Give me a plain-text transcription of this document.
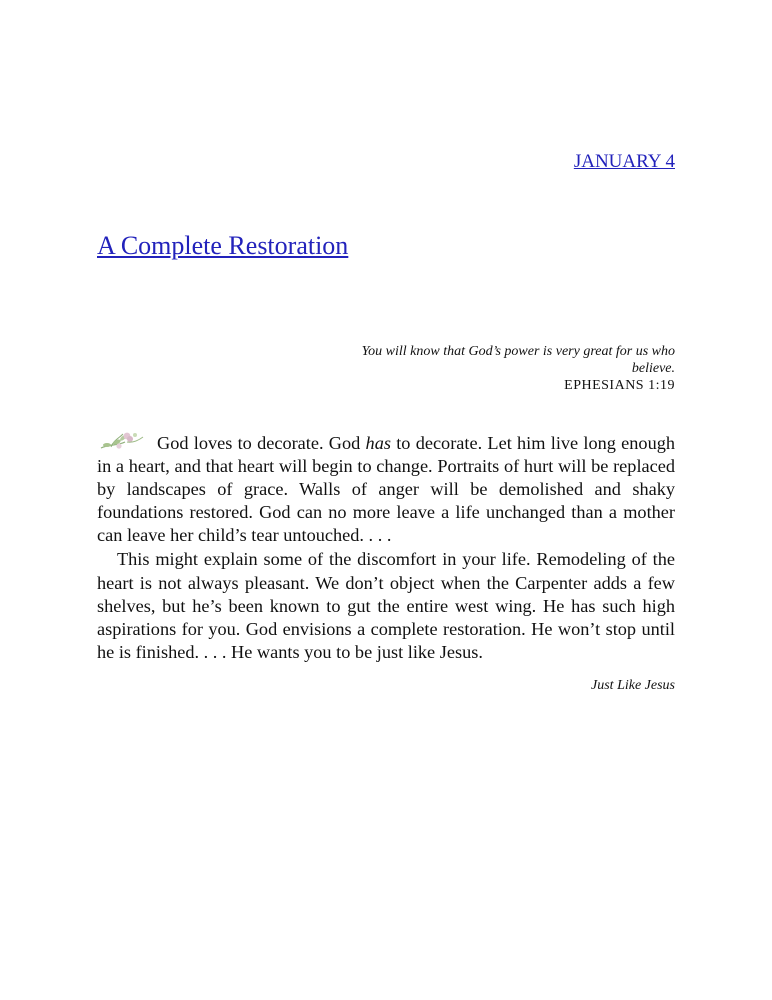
JANUARY 4
A Complete Restoration
You will know that God’s power is very great for us who believe.
EPHESIANS 1:19

God loves to decorate. God has to decorate. Let him live long enough in a heart, and that heart will begin to change. Portraits of hurt will be replaced by landscapes of grace. Walls of anger will be demolished and shaky foundations restored. God can no more leave a life unchanged than a mother can leave her child’s tear untouched. . . .

This might explain some of the discomfort in your life. Remodeling of the heart is not always pleasant. We don’t object when the Carpenter adds a few shelves, but he’s been known to gut the entire west wing. He has such high aspirations for you. God envisions a complete restoration. He won’t stop until he is finished. . . . He wants you to be just like Jesus.

Just Like Jesus
